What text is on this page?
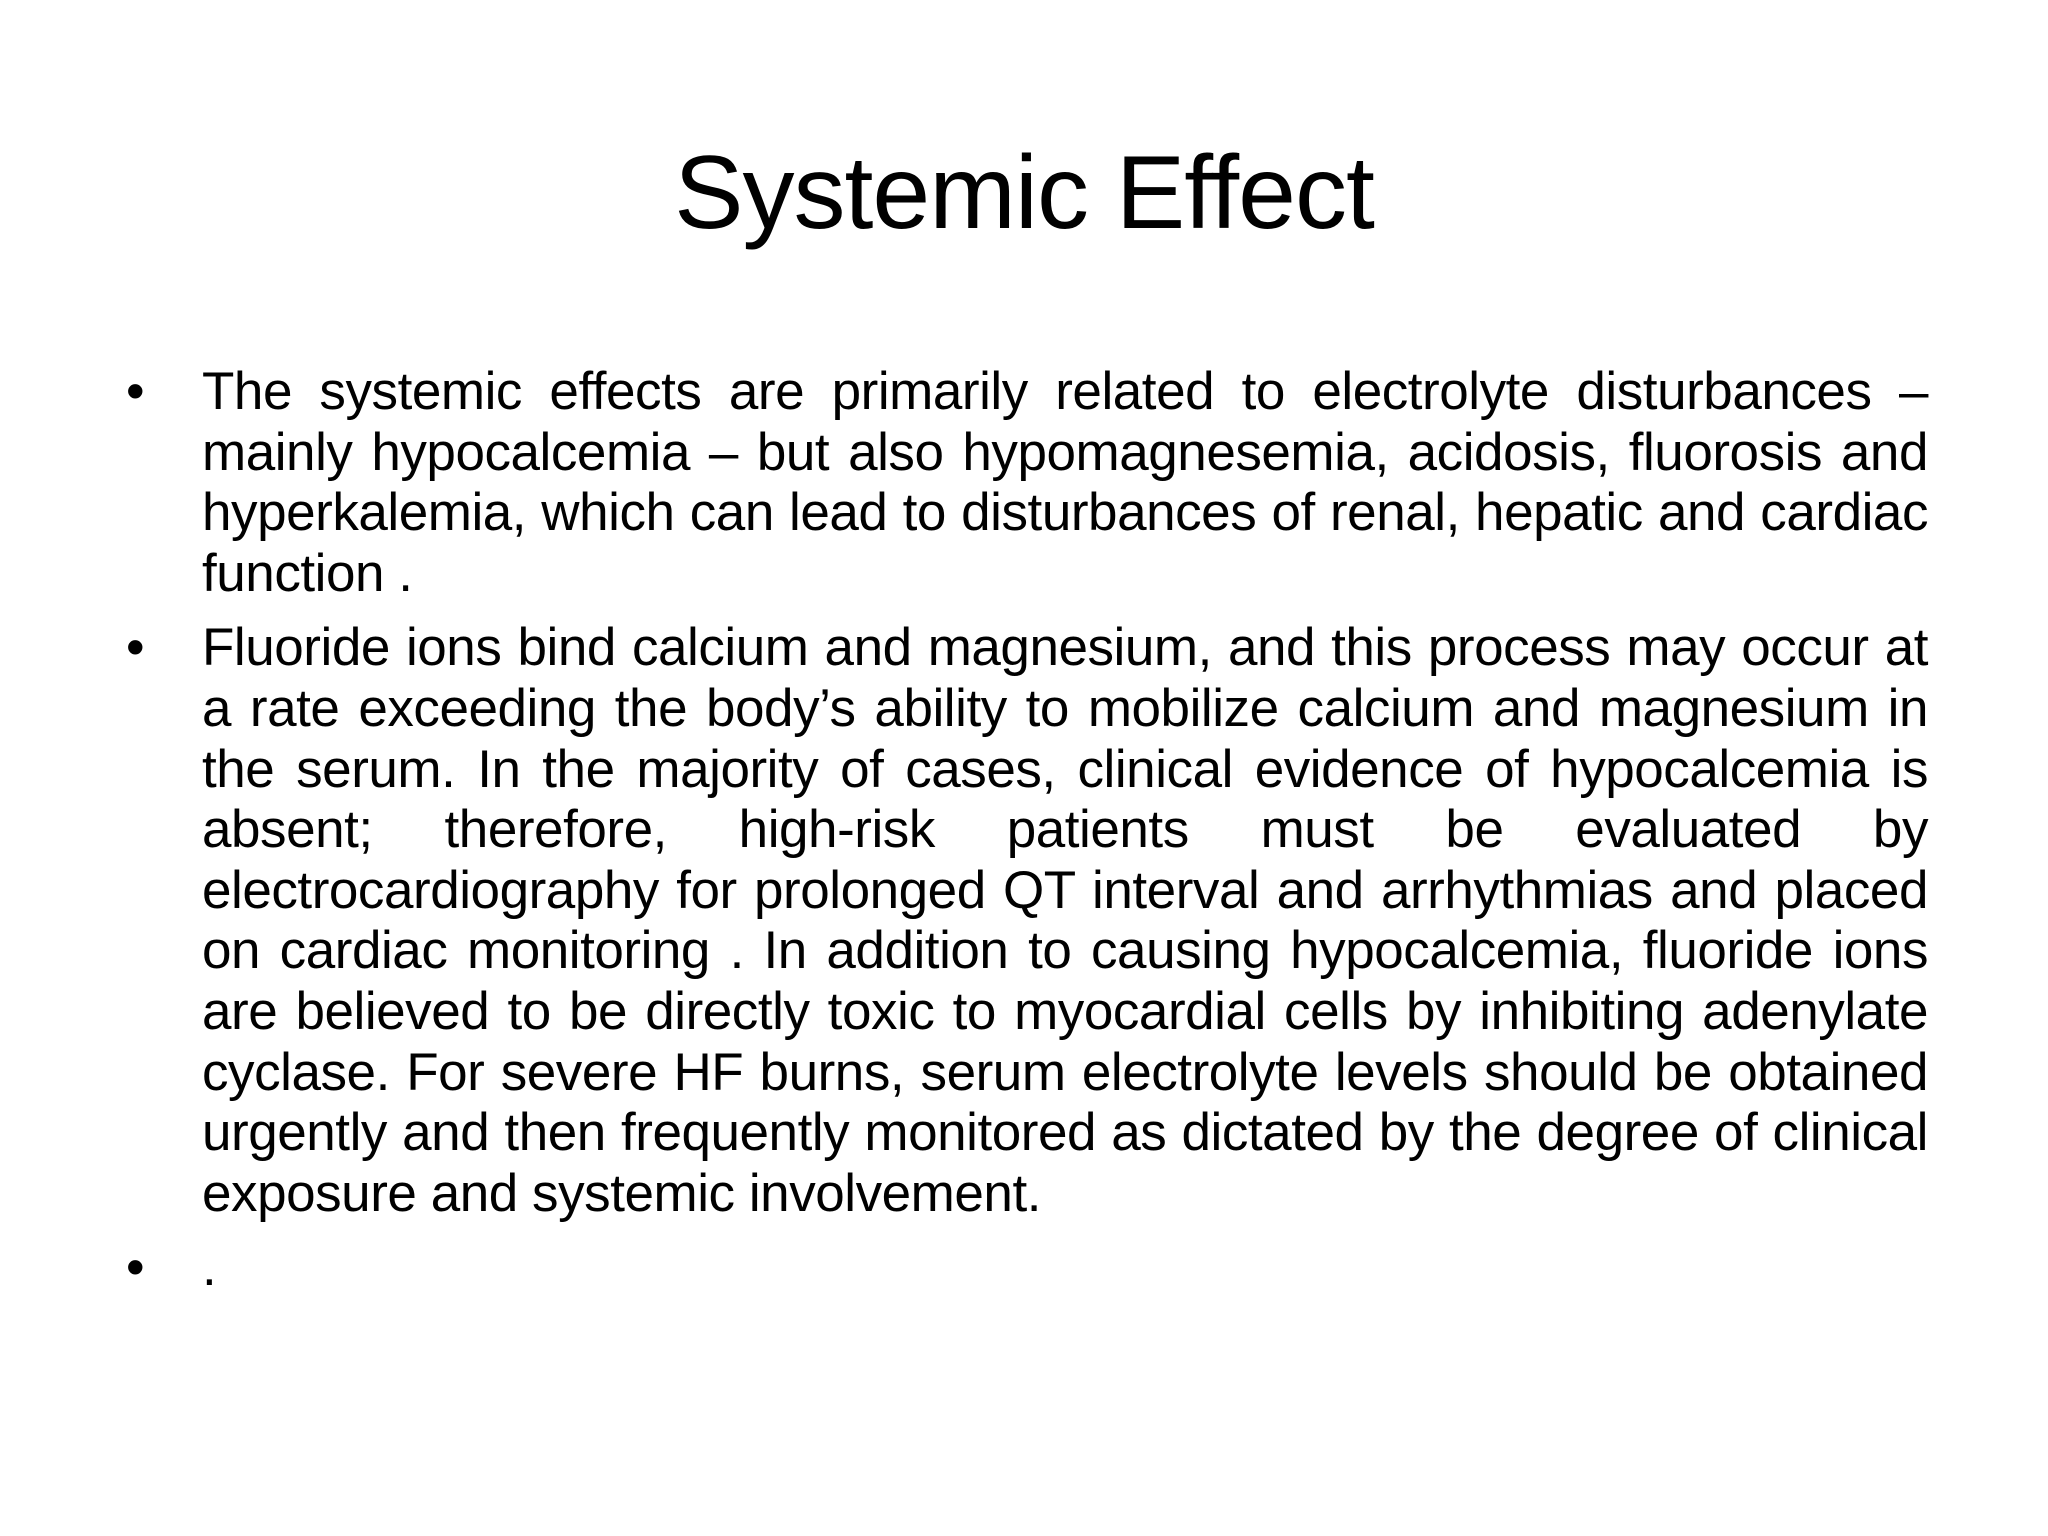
Systemic Effect
• The systemic effects are primarily related to electrolyte disturbances – mainly hypocalcemia – but also hypomagnesemia, acidosis, fluorosis and hyperkalemia, which can lead to disturbances of renal, hepatic and cardiac function .
• Fluoride ions bind calcium and magnesium, and this process may occur at a rate exceeding the body’s ability to mobilize calcium and magnesium in the serum. In the majority of cases, clinical evidence of hypocalcemia is absent; therefore, high-risk patients must be evaluated by electrocardiography for prolonged QT interval and arrhythmias and placed on cardiac monitoring . In addition to causing hypocalcemia, fluoride ions are believed to be directly toxic to myocardial cells by inhibiting adenylate cyclase. For severe HF burns, serum electrolyte levels should be obtained urgently and then frequently monitored as dictated by the degree of clinical exposure and systemic involvement.
• .
